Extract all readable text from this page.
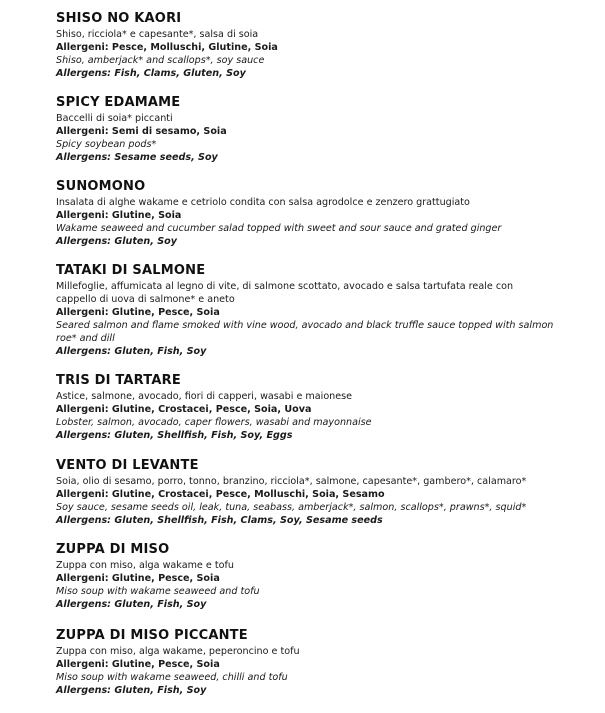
SHISO NO KAORI
Shiso, ricciola* e capesante*, salsa di soia
Allergeni: Pesce, Molluschi, Glutine, Soia
Shiso, amberjack* and scallops*, soy sauce
Allergens: Fish, Clams, Gluten, Soy
SPICY EDAMAME
Baccelli di soia* piccanti
Allergeni: Semi di sesamo, Soia
Spicy soybean pods*
Allergens: Sesame seeds, Soy
SUNOMONO
Insalata di alghe wakame e cetriolo condita con salsa agrodolce e zenzero grattugiato
Allergeni: Glutine, Soia
Wakame seaweed and cucumber salad topped with sweet and sour sauce and grated ginger
Allergens: Gluten, Soy
TATAKI DI SALMONE
Millefoglie, affumicata al legno di vite, di salmone scottato, avocado e salsa tartufata reale con cappello di uova di salmone* e aneto
Allergeni: Glutine, Pesce, Soia
Seared salmon and flame smoked with vine wood, avocado and black truffle sauce topped with salmon roe* and dill
Allergens: Gluten, Fish, Soy
TRIS DI TARTARE
Astice, salmone, avocado, fiori di capperi, wasabi e maionese
Allergeni: Glutine, Crostacei, Pesce, Soia, Uova
Lobster, salmon, avocado, caper flowers, wasabi and mayonnaise
Allergens: Gluten, Shellfish, Fish, Soy, Eggs
VENTO DI LEVANTE
Soia, olio di sesamo, porro, tonno, branzino, ricciola*, salmone, capesante*, gambero*, calamaro*
Allergeni: Glutine, Crostacei, Pesce, Molluschi, Soia, Sesamo
Soy sauce, sesame seeds oil, leak, tuna, seabass, amberjack*, salmon, scallops*, prawns*, squid*
Allergens: Gluten, Shellfish, Fish, Clams, Soy, Sesame seeds
ZUPPA DI MISO
Zuppa con miso, alga wakame e tofu
Allergeni: Glutine, Pesce, Soia
Miso soup with wakame seaweed and tofu
Allergens: Gluten, Fish, Soy
ZUPPA DI MISO PICCANTE
Zuppa con miso, alga wakame, peperoncino e tofu
Allergeni: Glutine, Pesce, Soia
Miso soup with wakame seaweed, chilli and tofu
Allergens: Gluten, Fish, Soy
